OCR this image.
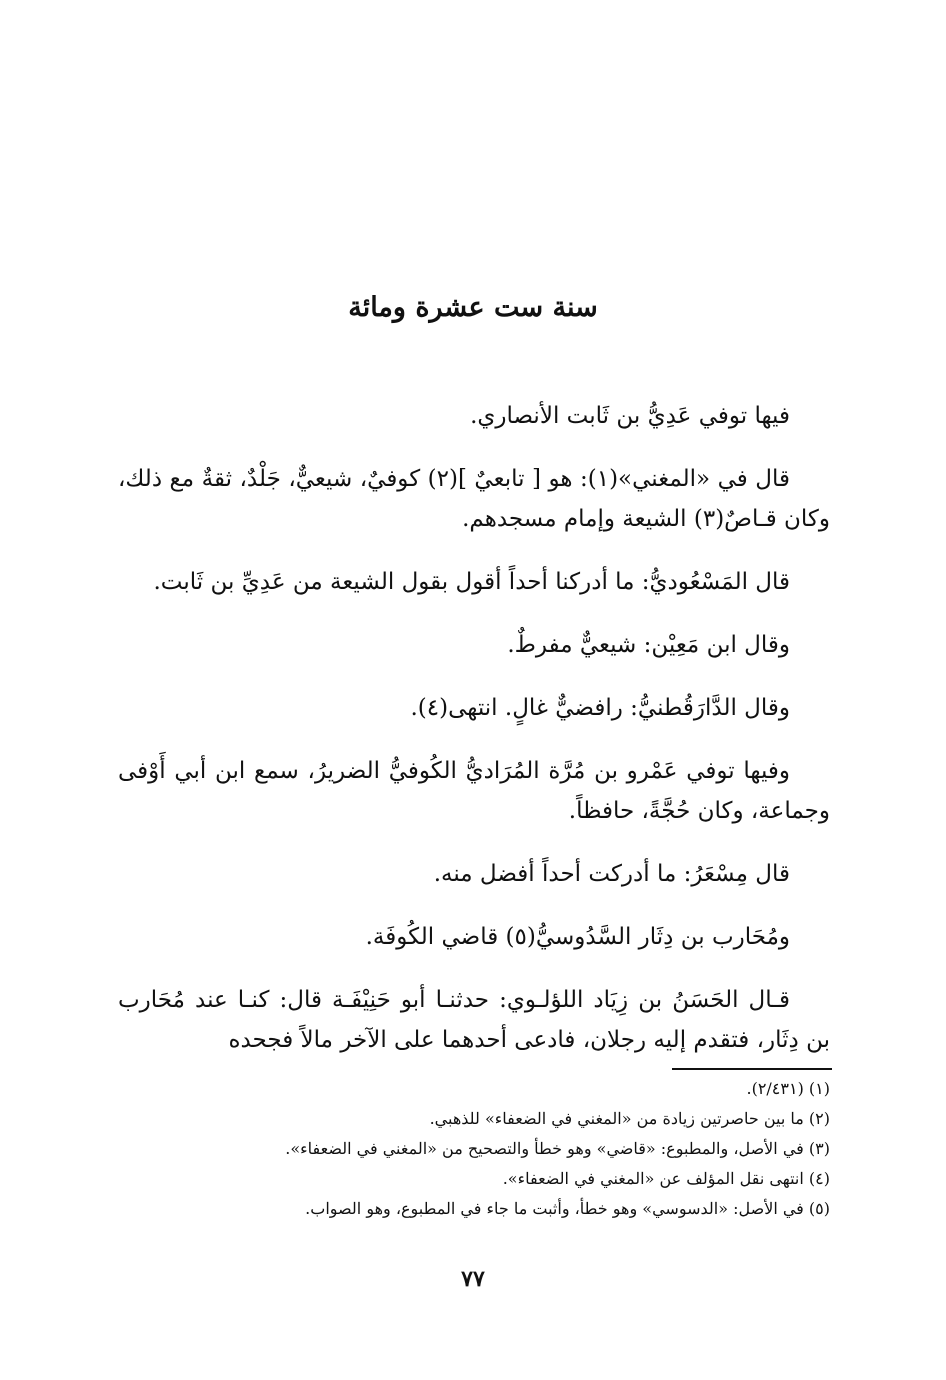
سنة ست عشرة ومائة

فيها توفي عَدِيُّ بن ثَابت الأنصاري.

قال في «المغني»(١): هو [ تابعيٌ ](٢) كوفيٌ، شيعيٌّ، جَلْدٌ، ثقةٌ مع ذلك، وكان قـاصٌ(٣) الشيعة وإمام مسجدهم.

قال المَسْعُوديُّ: ما أدركنا أحداً أقول بقول الشيعة من عَدِيِّ بن ثَابت.

وقال ابن مَعِيْن: شيعيٌّ مفرطٌ.

وقال الدَّارَقُطنيُّ: رافضيٌّ غالٍ. انتهى(٤).

وفيها توفي عَمْرو بن مُرَّة المُرَاديُّ الكُوفيُّ الضريرُ، سمع ابن أبي أَوْفى وجماعة، وكان حُجَّةً، حافظاً.

قال مِسْعَرُ: ما أدركت أحداً أفضل منه.

ومُحَارب بن دِثَار السَّدُوسيُّ(٥) قاضي الكُوفَة.

قـال الحَسَنُ بن زِيَاد اللؤلـوي: حدثنـا أبو حَنِيْفَـة قال: كنـا عند مُحَارب بن دِثَار، فتقدم إليه رجلان، فادعى أحدهما على الآخر مالاً فجحده

(١) (٢/٤٣١).
(٢) ما بين حاصرتين زيادة من «المغني في الضعفاء» للذهبي.
(٣) في الأصل، والمطبوع: «قاضي» وهو خطأ والتصحيح من «المغني في الضعفاء».
(٤) انتهى نقل المؤلف عن «المغني في الضعفاء».
(٥) في الأصل: «الدسوسي» وهو خطأ، وأثبت ما جاء في المطبوع، وهو الصواب.
٧٧
